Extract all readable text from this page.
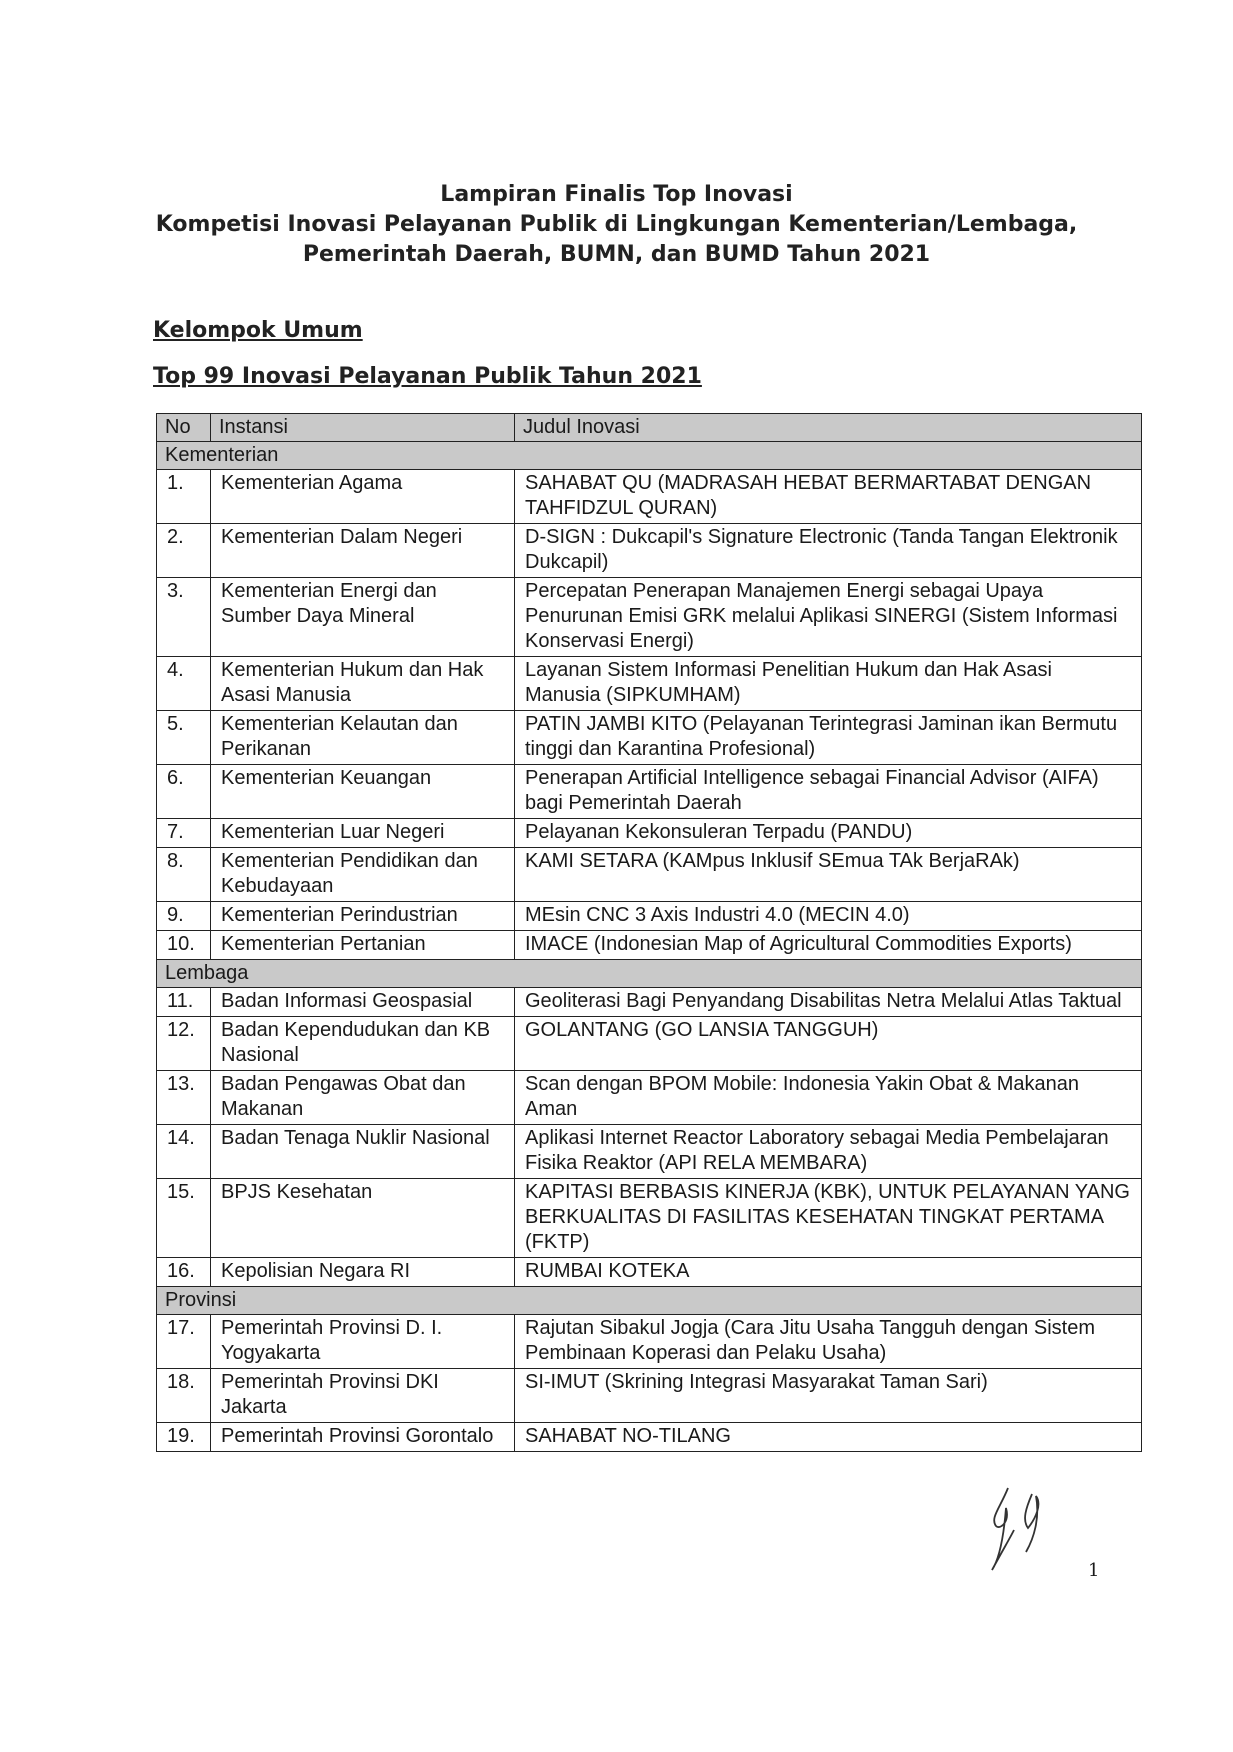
Lampiran Finalis Top Inovasi
Kompetisi Inovasi Pelayanan Publik di Lingkungan Kementerian/Lembaga,
Pemerintah Daerah, BUMN, dan BUMD Tahun 2021
Kelompok Umum
Top 99 Inovasi Pelayanan Publik Tahun 2021
No	Instansi	Judul Inovasi
Kementerian		
1.	Kementerian Agama	SAHABAT QU (MADRASAH HEBAT BERMARTABAT DENGAN TAHFIDZUL QURAN)
2.	Kementerian Dalam Negeri	D-SIGN : Dukcapil's Signature Electronic (Tanda Tangan Elektronik Dukcapil)
3.	Kementerian Energi dan Sumber Daya Mineral	Percepatan Penerapan Manajemen Energi sebagai Upaya Penurunan Emisi GRK melalui Aplikasi SINERGI (Sistem Informasi Konservasi Energi)
4.	Kementerian Hukum dan Hak Asasi Manusia	Layanan Sistem Informasi Penelitian Hukum dan Hak Asasi Manusia (SIPKUMHAM)
5.	Kementerian Kelautan dan Perikanan	PATIN JAMBI KITO (Pelayanan Terintegrasi Jaminan ikan Bermutu tinggi dan Karantina Profesional)
6.	Kementerian Keuangan	Penerapan Artificial Intelligence sebagai Financial Advisor (AIFA) bagi Pemerintah Daerah
7.	Kementerian Luar Negeri	Pelayanan Kekonsuleran Terpadu (PANDU)
8.	Kementerian Pendidikan dan Kebudayaan	KAMI SETARA (KAMpus Inklusif SEmua TAk BerjaRAk)
9.	Kementerian Perindustrian	MEsin CNC 3 Axis Industri 4.0 (MECIN 4.0)
10.	Kementerian Pertanian	IMACE (Indonesian Map of Agricultural Commodities Exports)
Lembaga		
11.	Badan Informasi Geospasial	Geoliterasi Bagi Penyandang Disabilitas Netra Melalui Atlas Taktual
12.	Badan Kependudukan dan KB Nasional	GOLANTANG (GO LANSIA TANGGUH)
13.	Badan Pengawas Obat dan Makanan	Scan dengan BPOM Mobile: Indonesia Yakin Obat & Makanan Aman
14.	Badan Tenaga Nuklir Nasional	Aplikasi Internet Reactor Laboratory sebagai Media Pembelajaran Fisika Reaktor (API RELA MEMBARA)
15.	BPJS Kesehatan	KAPITASI BERBASIS KINERJA (KBK), UNTUK PELAYANAN YANG BERKUALITAS DI FASILITAS KESEHATAN TINGKAT PERTAMA (FKTP)
16.	Kepolisian Negara RI	RUMBAI KOTEKA
Provinsi		
17.	Pemerintah Provinsi D. I. Yogyakarta	Rajutan Sibakul Jogja (Cara Jitu Usaha Tangguh dengan Sistem Pembinaan Koperasi dan Pelaku Usaha)
18.	Pemerintah Provinsi DKI Jakarta	SI-IMUT (Skrining Integrasi Masyarakat Taman Sari)
19.	Pemerintah Provinsi Gorontalo	SAHABAT NO-TILANG
1
